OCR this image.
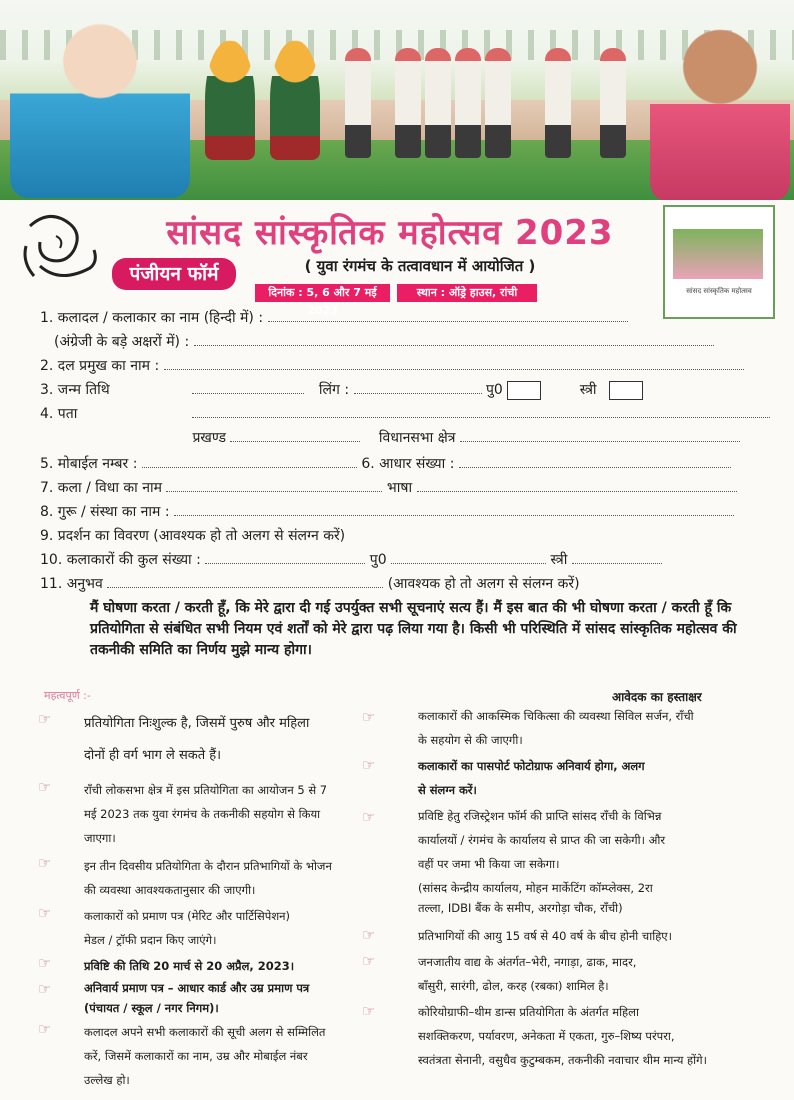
पंजीयन फॉर्म
सांसद सांस्कृतिक महोत्सव 2023
( युवा रंगमंच के तत्वावधान में आयोजित )
दिनांक : 5, 6 और 7 मई 2023
स्थान : ऑड्रे हाउस, रांची	सांसद सांस्कृतिक महोत्सव
1. कलादल / कलाकार का नाम (हिन्दी में) :
(अंग्रेजी के बड़े अक्षरों में) :
2. दल प्रमुख का नाम :
3. जन्म तिथि	लिंग :	पु0	स्त्री
4. पता
प्रखण्ड	विधानसभा क्षेत्र
5. मोबाईल नम्बर :	6. आधार संख्या :
7. कला / विधा का नाम	भाषा
8. गुरू / संस्था का नाम :
9. प्रदर्शन का विवरण (आवश्यक हो तो अलग से संलग्न करें)
10. कलाकारों की कुल संख्या :	पु0	स्त्री
11. अनुभव	(आवश्यक हो तो अलग से संलग्न करें)
मैं घोषणा करता / करती हूँ, कि मेरे द्वारा दी गई उपर्युक्त सभी सूचनाएं सत्य हैं। मैं इस बात की भी घोषणा करता / करती हूँ कि प्रतियोगिता से संबंधित सभी नियम एवं शर्तों को मेरे द्वारा पढ़ लिया गया है। किसी भी परिस्थिति में सांसद सांस्कृतिक महोत्सव की तकनीकी समिति का निर्णय मुझे मान्य होगा।
महत्वपूर्ण :-	आवेदक का हस्ताक्षर
☞
☞
☞
☞
☞
☞
☞
प्रतियोगिता निःशुल्क है, जिसमें पुरुष और महिला
दोनों ही वर्ग भाग ले सकते हैं।
राँची लोकसभा क्षेत्र में इस प्रतियोगिता का आयोजन 5 से 7
मई 2023 तक युवा रंगमंच के तकनीकी सहयोग से किया
जाएगा।
इन तीन दिवसीय प्रतियोगिता के दौरान प्रतिभागियों के भोजन
की व्यवस्था आवश्यकतानुसार की जाएगी।
कलाकारों को प्रमाण पत्र (मेरिट और पार्टिसिपेशन)
मेडल / ट्रॉफी प्रदान किए जाएंगे।
प्रविष्टि की तिथि 20 मार्च से 20 अप्रैल, 2023।
अनिवार्य प्रमाण पत्र – आधार कार्ड और उम्र प्रमाण पत्र
(पंचायत / स्कूल / नगर निगम)।
कलादल अपने सभी कलाकारों की सूची अलग से सम्मिलित
करें, जिसमें कलाकारों का नाम, उम्र और मोबाईल नंबर
उल्लेख हो।
☞
☞
☞
☞
☞
☞
कलाकारों की आकस्मिक चिकित्सा की व्यवस्था सिविल सर्जन, राँची
के सहयोग से की जाएगी।
कलाकारों का पासपोर्ट फोटोग्राफ अनिवार्य होगा, अलग
से संलग्न करें।
प्रविष्टि हेतु रजिस्ट्रेशन फॉर्म की प्राप्ति सांसद राँची के विभिन्न
कार्यालयों / रंगमंच के कार्यालय से प्राप्त की जा सकेगी। और
वहीं पर जमा भी किया जा सकेगा।
(सांसद केन्द्रीय कार्यालय, मोहन मार्केटिंग कॉम्प्लेक्स, 2रा
तल्ला, IDBI बैंक के समीप, अरगोड़ा चौक, राँची)
प्रतिभागियों की आयु 15 वर्ष से 40 वर्ष के बीच होनी चाहिए।
जनजातीय वाद्य के अंतर्गत–भेरी, नगाड़ा, ढाक, मादर,
बाँसुरी, सारंगी, ढोल, करह (रबका) शामिल है।
कोरियोग्राफी–थीम डान्स प्रतियोगिता के अंतर्गत महिला
सशक्तिकरण, पर्यावरण, अनेकता में एकता, गुरु–शिष्य परंपरा,
स्वतंत्रता सेनानी, वसुधैव कुटुम्बकम, तकनीकी नवाचार थीम मान्य होंगे।
